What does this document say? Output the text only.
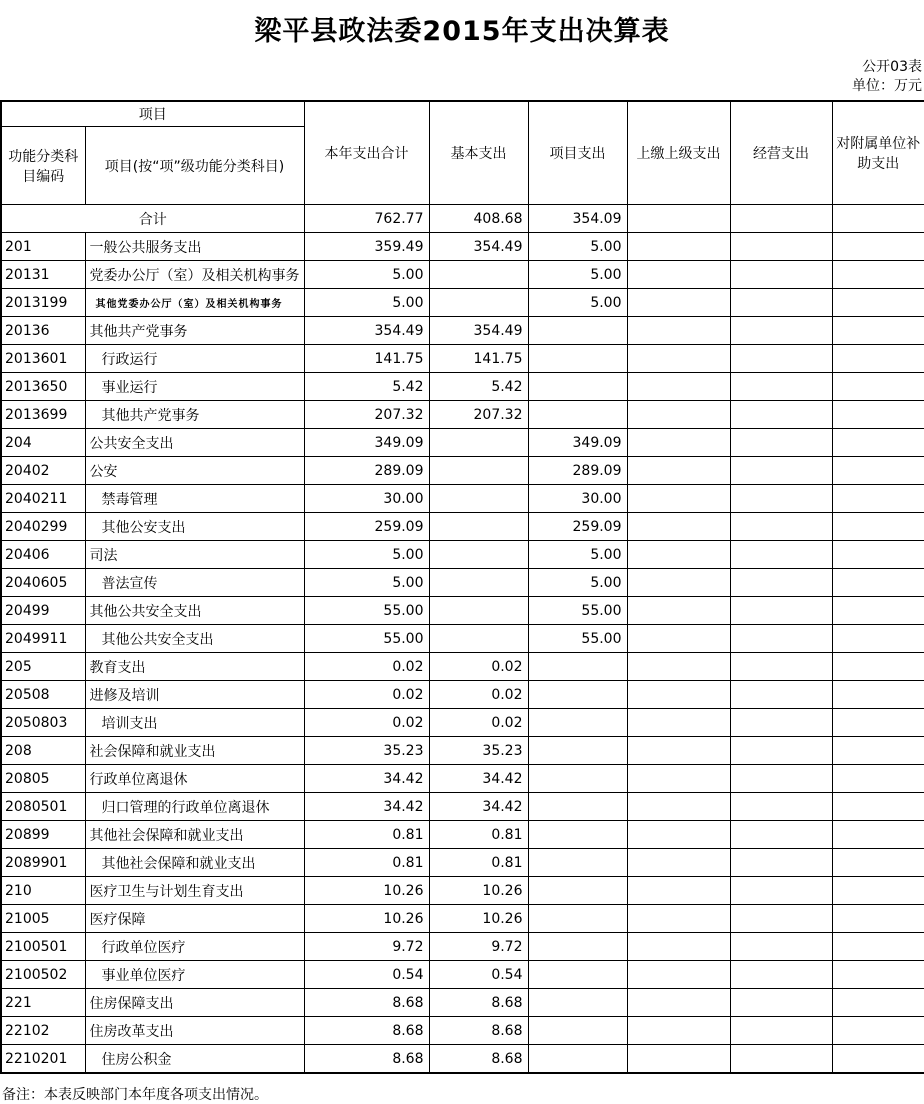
梁平县政法委2015年支出决算表
公开03表
单位：万元
项目		本年支出合计	基本支出	项目支出	上缴上级支出	经营支出	对附属单位补助支出
功能分类科目编码	项目(按“项”级功能分类科目)						
合计		762.77	408.68	354.09			
201	一般公共服务支出	359.49	354.49	5.00			
20131	党委办公厅（室）及相关机构事务	5.00		5.00			
2013199	其他党委办公厅（室）及相关机构事务	5.00		5.00			
20136	其他共产党事务	354.49	354.49				
2013601	行政运行	141.75	141.75				
2013650	事业运行	5.42	5.42				
2013699	其他共产党事务	207.32	207.32				
204	公共安全支出	349.09		349.09			
20402	公安	289.09		289.09			
2040211	禁毒管理	30.00		30.00			
2040299	其他公安支出	259.09		259.09			
20406	司法	5.00		5.00			
2040605	普法宣传	5.00		5.00			
20499	其他公共安全支出	55.00		55.00			
2049911	其他公共安全支出	55.00		55.00			
205	教育支出	0.02	0.02				
20508	进修及培训	0.02	0.02				
2050803	培训支出	0.02	0.02				
208	社会保障和就业支出	35.23	35.23				
20805	行政单位离退休	34.42	34.42				
2080501	归口管理的行政单位离退休	34.42	34.42				
20899	其他社会保障和就业支出	0.81	0.81				
2089901	其他社会保障和就业支出	0.81	0.81				
210	医疗卫生与计划生育支出	10.26	10.26				
21005	医疗保障	10.26	10.26				
2100501	行政单位医疗	9.72	9.72				
2100502	事业单位医疗	0.54	0.54				
221	住房保障支出	8.68	8.68				
22102	住房改革支出	8.68	8.68				
2210201	住房公积金	8.68	8.68				
备注：本表反映部门本年度各项支出情况。
